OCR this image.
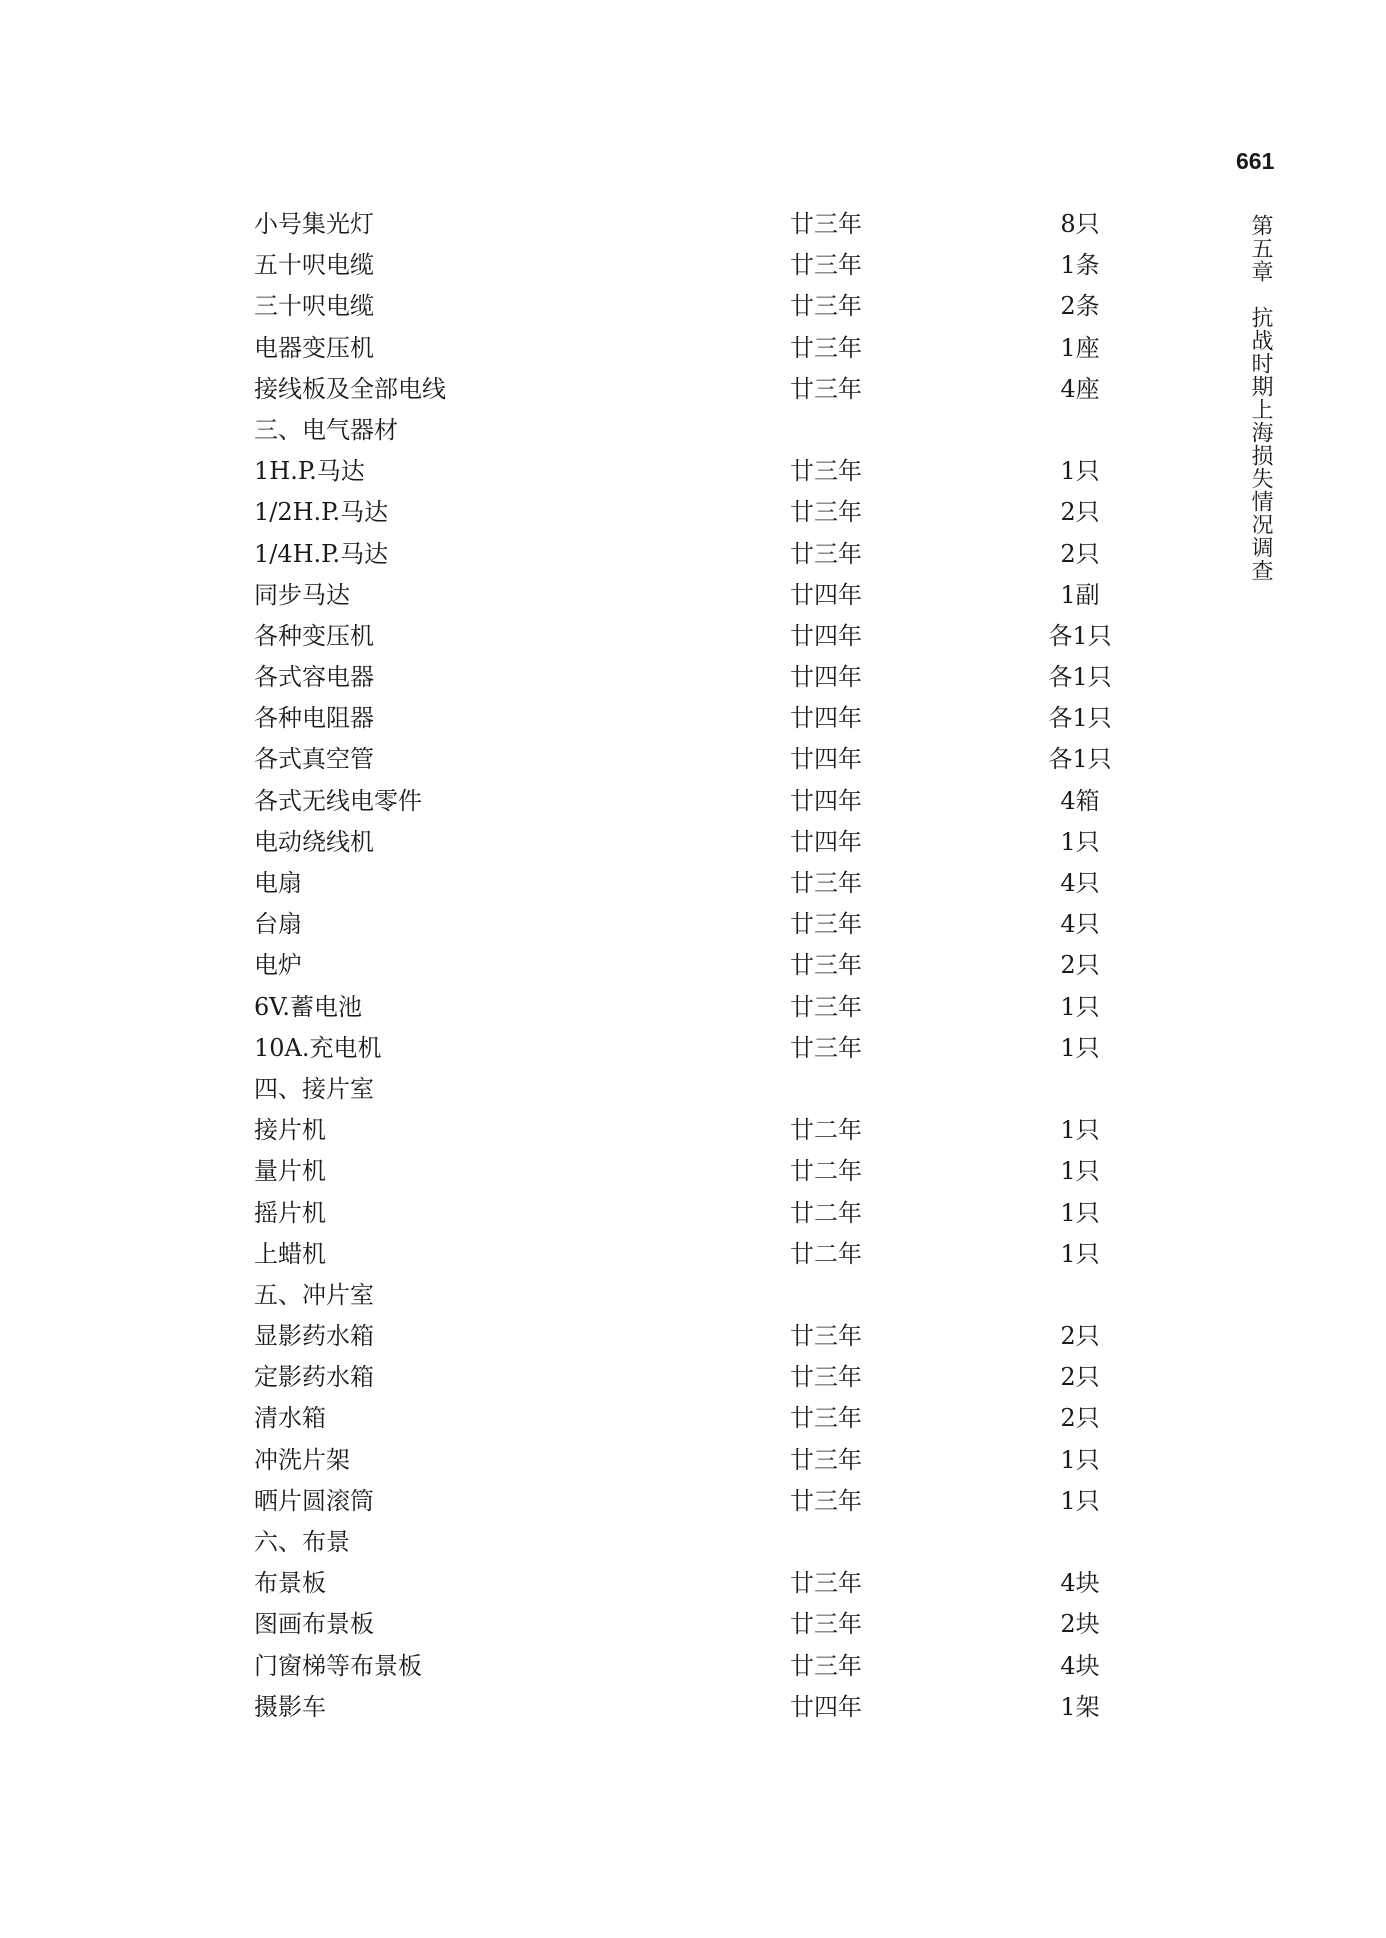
661
第五章　抗战时期上海损失情况调查
小号集光灯	廿三年	8只
五十呎电缆	廿三年	1条
三十呎电缆	廿三年	2条
电器变压机	廿三年	1座
接线板及全部电线	廿三年	4座
三、电气器材
1H.P.马达	廿三年	1只
1/2H.P.马达	廿三年	2只
1/4H.P.马达	廿三年	2只
同步马达	廿四年	1副
各种变压机	廿四年	各1只
各式容电器	廿四年	各1只
各种电阻器	廿四年	各1只
各式真空管	廿四年	各1只
各式无线电零件	廿四年	4箱
电动绕线机	廿四年	1只
电扇	廿三年	4只
台扇	廿三年	4只
电炉	廿三年	2只
6V.蓄电池	廿三年	1只
10A.充电机	廿三年	1只
四、接片室
接片机	廿二年	1只
量片机	廿二年	1只
摇片机	廿二年	1只
上蜡机	廿二年	1只
五、冲片室
显影药水箱	廿三年	2只
定影药水箱	廿三年	2只
清水箱	廿三年	2只
冲洗片架	廿三年	1只
晒片圆滚筒	廿三年	1只
六、布景
布景板	廿三年	4块
图画布景板	廿三年	2块
门窗梯等布景板	廿三年	4块
摄影车	廿四年	1架
